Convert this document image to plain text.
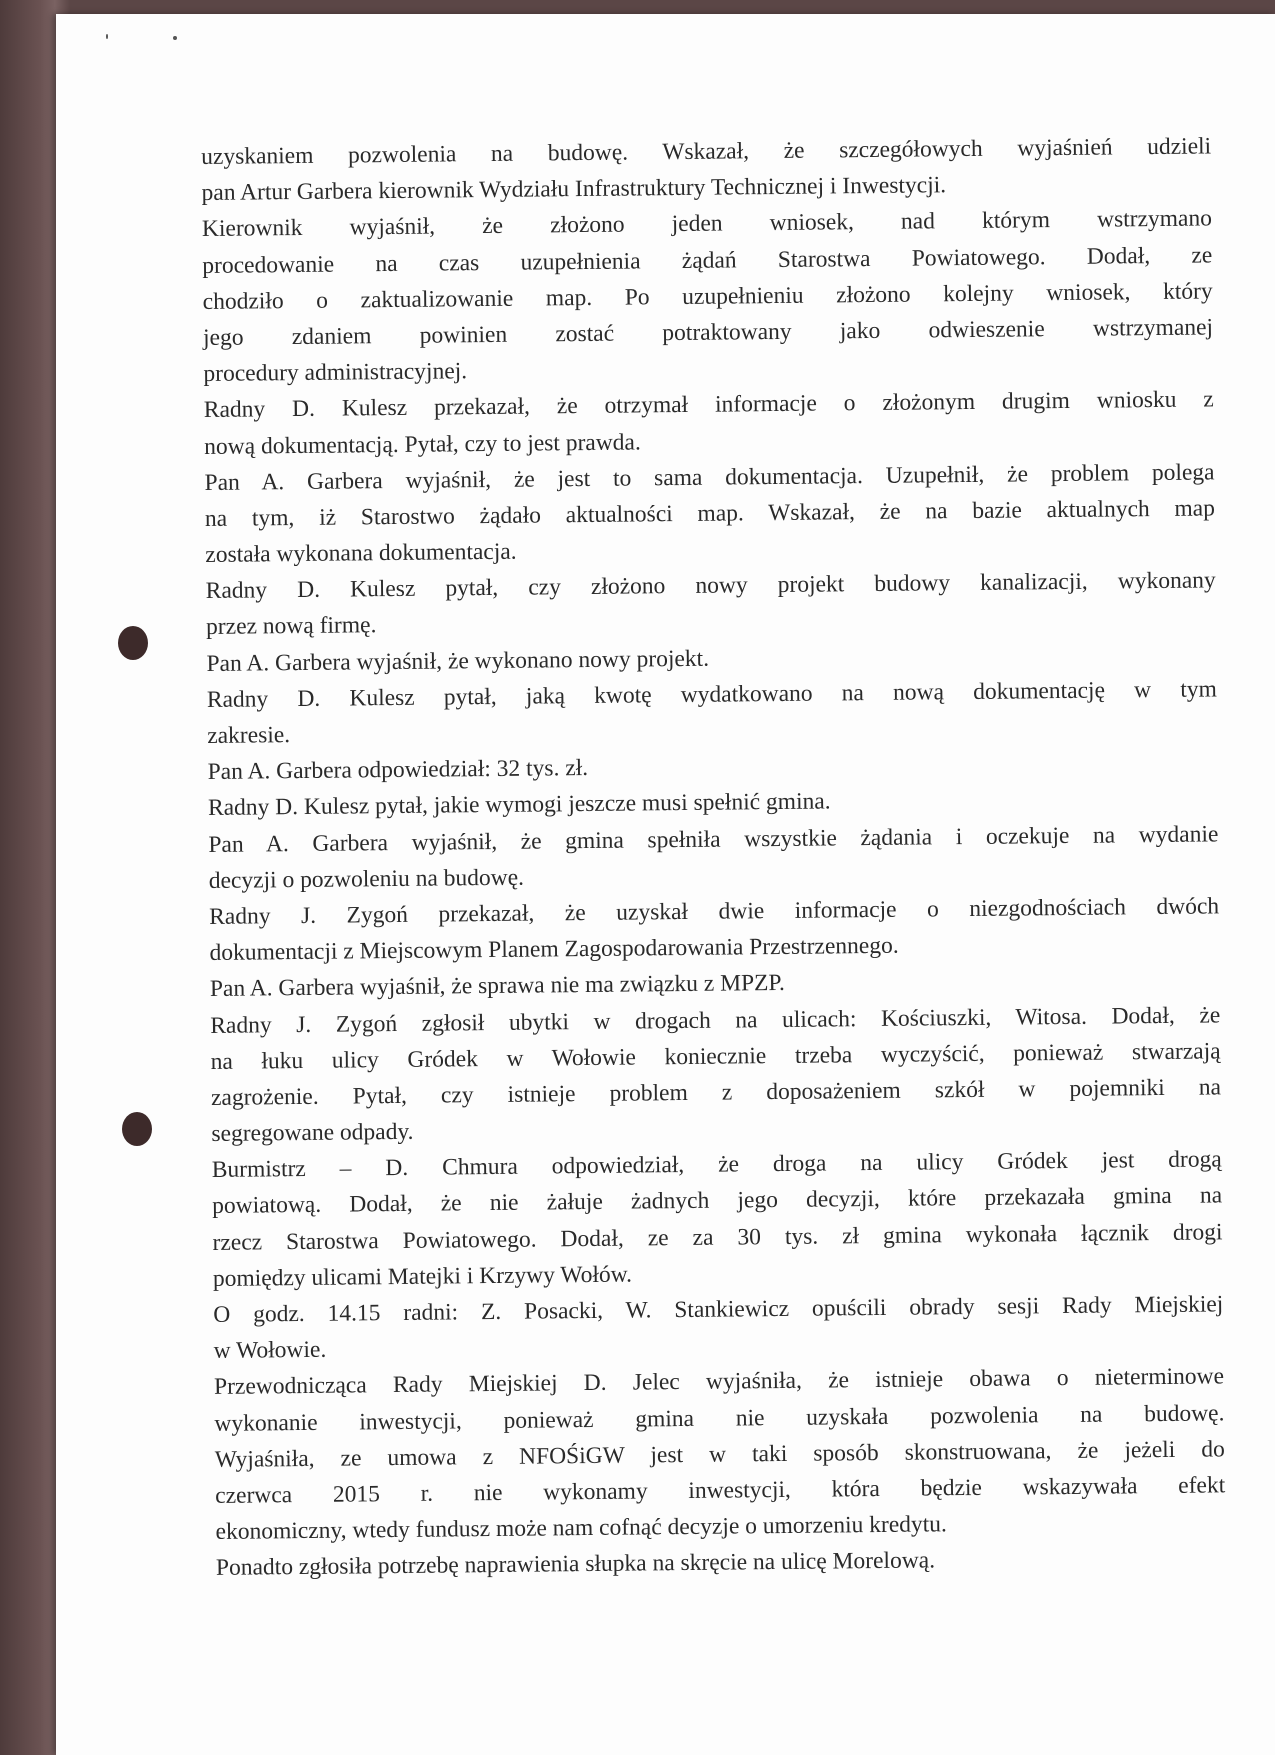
uzyskaniem pozwolenia na budowę. Wskazał, że szczegółowych wyjaśnień udzieli
pan Artur Garbera kierownik Wydziału Infrastruktury Technicznej i Inwestycji.
Kierownik wyjaśnił, że złożono jeden wniosek, nad którym wstrzymano
procedowanie na czas uzupełnienia żądań Starostwa Powiatowego. Dodał, ze
chodziło o zaktualizowanie map. Po uzupełnieniu złożono kolejny wniosek, który
jego zdaniem powinien zostać potraktowany jako odwieszenie wstrzymanej
procedury administracyjnej.
Radny D. Kulesz przekazał, że otrzymał informacje o złożonym drugim wniosku z
nową dokumentacją. Pytał, czy to jest prawda.
Pan A. Garbera wyjaśnił, że jest to sama dokumentacja. Uzupełnił, że problem polega
na tym, iż Starostwo żądało aktualności map. Wskazał, że na bazie aktualnych map
została wykonana dokumentacja.
Radny D. Kulesz pytał, czy złożono nowy projekt budowy kanalizacji, wykonany
przez nową firmę.
Pan A. Garbera wyjaśnił, że wykonano nowy projekt.
Radny D. Kulesz pytał, jaką kwotę wydatkowano na nową dokumentację w tym
zakresie.
Pan A. Garbera odpowiedział: 32 tys. zł.
Radny D. Kulesz pytał, jakie wymogi jeszcze musi spełnić gmina.
Pan A. Garbera wyjaśnił, że gmina spełniła wszystkie żądania i oczekuje na wydanie
decyzji o pozwoleniu na budowę.
Radny J. Zygoń przekazał, że uzyskał dwie informacje o niezgodnościach dwóch
dokumentacji z Miejscowym Planem Zagospodarowania Przestrzennego.
Pan A. Garbera wyjaśnił, że sprawa nie ma związku z MPZP.
Radny J. Zygoń zgłosił ubytki w drogach na ulicach: Kościuszki, Witosa. Dodał, że
na łuku ulicy Gródek w Wołowie koniecznie trzeba wyczyścić, ponieważ stwarzają
zagrożenie. Pytał, czy istnieje problem z doposażeniem szkół w pojemniki na
segregowane odpady.
Burmistrz – D. Chmura odpowiedział, że droga na ulicy Gródek jest drogą
powiatową. Dodał, że nie żałuje żadnych jego decyzji, które przekazała gmina na
rzecz Starostwa Powiatowego. Dodał, ze za 30 tys. zł gmina wykonała łącznik drogi
pomiędzy ulicami Matejki i Krzywy Wołów.
O godz. 14.15 radni: Z. Posacki, W. Stankiewicz opuścili obrady sesji Rady Miejskiej
w Wołowie.
Przewodnicząca Rady Miejskiej D. Jelec wyjaśniła, że istnieje obawa o nieterminowe
wykonanie inwestycji, ponieważ gmina nie uzyskała pozwolenia na budowę.
Wyjaśniła, ze umowa z NFOŚiGW jest w taki sposób skonstruowana, że jeżeli do
czerwca 2015 r. nie wykonamy inwestycji, która będzie wskazywała efekt
ekonomiczny, wtedy fundusz może nam cofnąć decyzje o umorzeniu kredytu.
Ponadto zgłosiła potrzebę naprawienia słupka na skręcie na ulicę Morelową.
